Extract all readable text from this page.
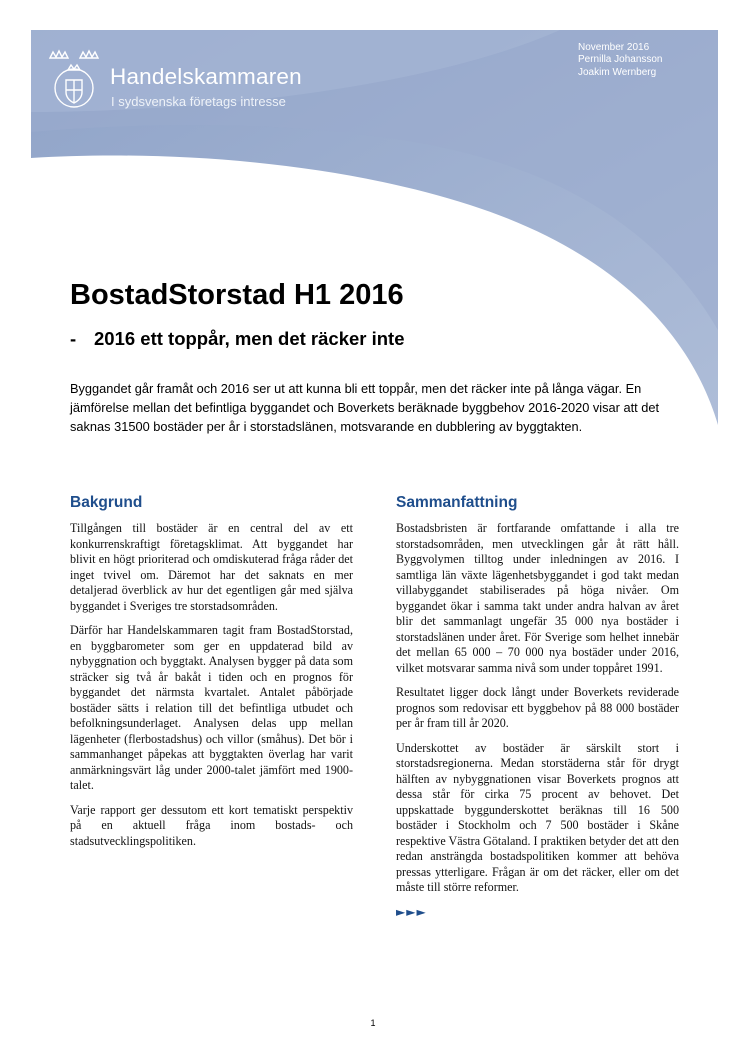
Handelskammaren
I sydsvenska företags intresse
November 2016
Pernilla Johansson
Joakim Wernberg
BostadStorstad H1 2016
- 2016 ett toppår, men det räcker inte

Byggandet går framåt och 2016 ser ut att kunna bli ett toppår, men det räcker inte på långa vägar. En jämförelse mellan det befintliga byggandet och Boverkets beräknade byggbehov 2016-2020 visar att det saknas 31500 bostäder per år i storstadslänen, motsvarande en dubblering av byggtakten.

Bakgrund

Tillgången till bostäder är en central del av ett konkurrenskraftigt företagsklimat. Att byggandet har blivit en högt prioriterad och omdiskuterad fråga råder det inget tvivel om. Däremot har det saknats en mer detaljerad överblick av hur det egentligen går med själva byggandet i Sveriges tre storstadsområden.

Därför har Handelskammaren tagit fram BostadStorstad, en byggbarometer som ger en uppdaterad bild av nybyggnation och byggtakt. Analysen bygger på data som sträcker sig två år bakåt i tiden och en prognos för byggandet det närmsta kvartalet. Antalet påbörjade bostäder sätts i relation till det befintliga utbudet och befolkningsunderlaget. Analysen delas upp mellan lägenheter (flerbostadshus) och villor (småhus). Det bör i sammanhanget påpekas att byggtakten överlag har varit anmärkningsvärt låg under 2000-talet jämfört med 1900-talet.

Varje rapport ger dessutom ett kort tematiskt perspektiv på en aktuell fråga inom bostads- och stadsutvecklingspolitiken.

Sammanfattning

Bostadsbristen är fortfarande omfattande i alla tre storstadsområden, men utvecklingen går åt rätt håll. Byggvolymen tilltog under inledningen av 2016. I samtliga län växte lägenhetsbyggandet i god takt medan villabyggandet stabiliserades på höga nivåer. Om byggandet ökar i samma takt under andra halvan av året blir det sammanlagt ungefär 35 000 nya bostäder i storstadslänen under året. För Sverige som helhet innebär det mellan 65 000 – 70 000 nya bostäder under 2016, vilket motsvarar samma nivå som under toppåret 1991.

Resultatet ligger dock långt under Boverkets reviderade prognos som redovisar ett byggbehov på 88 000 bostäder per år fram till år 2020.

Underskottet av bostäder är särskilt stort i storstadsregionerna. Medan storstäderna står för drygt hälften av nybyggnationen visar Boverkets prognos att dessa står för cirka 75 procent av behovet. Det uppskattade byggunderskottet beräknas till 16 500 bostäder i Stockholm och 7 500 bostäder i Skåne respektive Västra Götaland. I praktiken betyder det att den redan ansträngda bostadspolitiken kommer att behöva pressas ytterligare. Frågan är om det räcker, eller om det måste till större reformer.

►►►
1
